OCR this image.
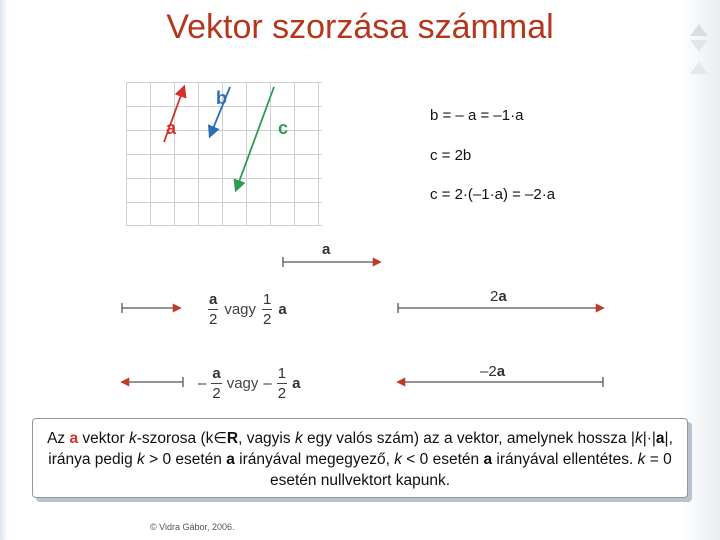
Vektor szorzása számmal
b
a	c
b = – a = –1·a
c = 2b
c = 2·(–1·a) = –2·a
a
2a
–2a
$\frac{a}{2}$ vagy $\frac{1}{2}$ a
– $\frac{a}{2}$ vagy – $\frac{1}{2}$ a
Az a vektor k-szorosa (k∈R, vagyis k egy valós szám) az a vektor, amelynek hossza |k|·|a|, iránya pedig k > 0 esetén a irányával megegyező, k < 0 esetén a irányával ellentétes. k = 0 esetén nullvektort kapunk.
© Vidra Gábor, 2006.
